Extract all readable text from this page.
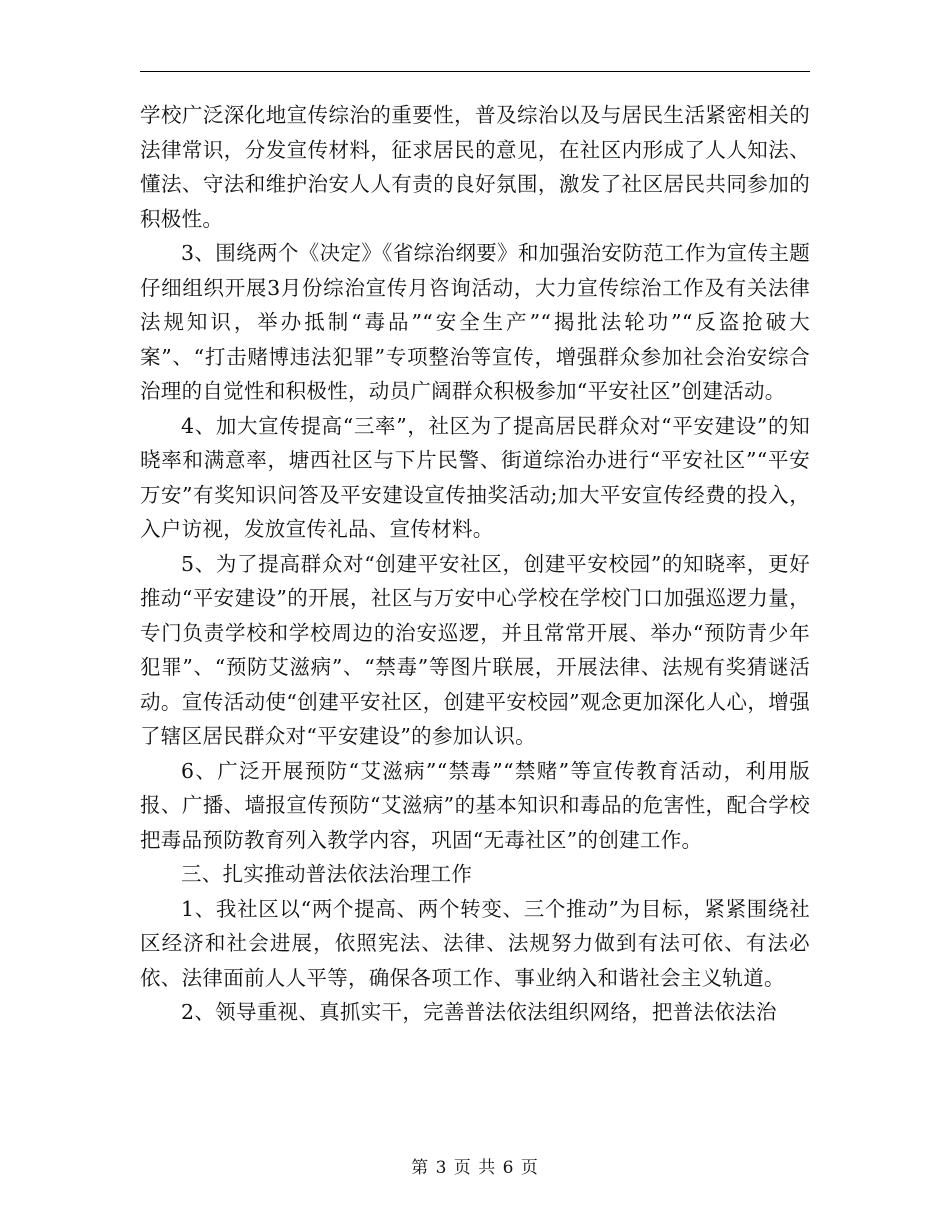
学校广泛深化地宣传综治的重要性，普及综治以及与居民生活紧密相关的法律常识，分发宣传材料，征求居民的意见，在社区内形成了人人知法、懂法、守法和维护治安人人有责的良好氛围，激发了社区居民共同参加的积极性。

3、围绕两个《决定》《省综治纲要》和加强治安防范工作为宣传主题仔细组织开展3月份综治宣传月咨询活动，大力宣传综治工作及有关法律法规知识，举办抵制“毒品”“安全生产”“揭批法轮功”“反盗抢破大案”、“打击赌博违法犯罪”专项整治等宣传，增强群众参加社会治安综合治理的自觉性和积极性，动员广阔群众积极参加“平安社区”创建活动。

4、加大宣传提高“三率”，社区为了提高居民群众对“平安建设”的知晓率和满意率，塘西社区与下片民警、街道综治办进行“平安社区”“平安万安”有奖知识问答及平安建设宣传抽奖活动;加大平安宣传经费的投入，入户访视，发放宣传礼品、宣传材料。

5、为了提高群众对“创建平安社区，创建平安校园”的知晓率，更好推动“平安建设”的开展，社区与万安中心学校在学校门口加强巡逻力量，专门负责学校和学校周边的治安巡逻，并且常常开展、举办“预防青少年犯罪”、“预防艾滋病”、“禁毒”等图片联展，开展法律、法规有奖猜谜活动。宣传活动使“创建平安社区，创建平安校园”观念更加深化人心，增强了辖区居民群众对“平安建设”的参加认识。

6、广泛开展预防“艾滋病”“禁毒”“禁赌”等宣传教育活动，利用版报、广播、墙报宣传预防“艾滋病”的基本知识和毒品的危害性，配合学校把毒品预防教育列入教学内容，巩固“无毒社区”的创建工作。

三、扎实推动普法依法治理工作

1、我社区以“两个提高、两个转变、三个推动”为目标，紧紧围绕社区经济和社会进展，依照宪法、法律、法规努力做到有法可依、有法必依、法律面前人人平等，确保各项工作、事业纳入和谐社会主义轨道。

2、领导重视、真抓实干，完善普法依法组织网络，把普法依法治

第 3 页 共 6 页
